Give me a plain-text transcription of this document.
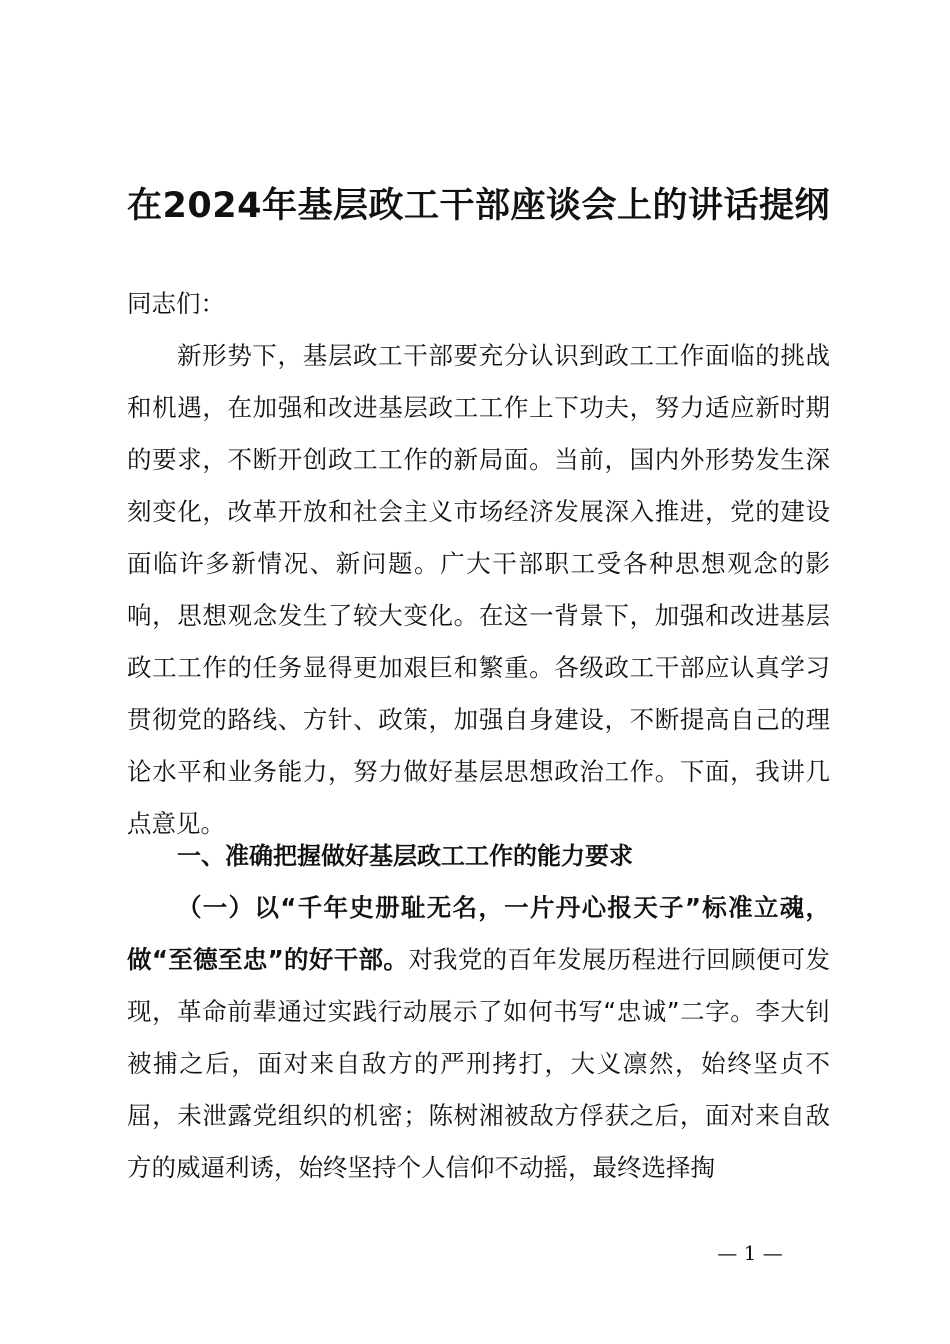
在2024年基层政工干部座谈会上的讲话提纲
同志们：
新形势下，基层政工干部要充分认识到政工工作面临的挑战和机遇，在加强和改进基层政工工作上下功夫，努力适应新时期的要求，不断开创政工工作的新局面。当前，国内外形势发生深刻变化，改革开放和社会主义市场经济发展深入推进，党的建设面临许多新情况、新问题。广大干部职工受各种思想观念的影响，思想观念发生了较大变化。在这一背景下，加强和改进基层政工工作的任务显得更加艰巨和繁重。各级政工干部应认真学习贯彻党的路线、方针、政策，加强自身建设，不断提高自己的理论水平和业务能力，努力做好基层思想政治工作。下面，我讲几点意见。
一、准确把握做好基层政工工作的能力要求
（一）以“千年史册耻无名，一片丹心报天子”标准立魂，做“至德至忠”的好干部。对我党的百年发展历程进行回顾便可发现，革命前辈通过实践行动展示了如何书写“忠诚”二字。李大钊被捕之后，面对来自敌方的严刑拷打，大义凛然，始终坚贞不屈，未泄露党组织的机密；陈树湘被敌方俘获之后，面对来自敌方的威逼利诱，始终坚持个人信仰不动摇，最终选择掏
— 1 —
